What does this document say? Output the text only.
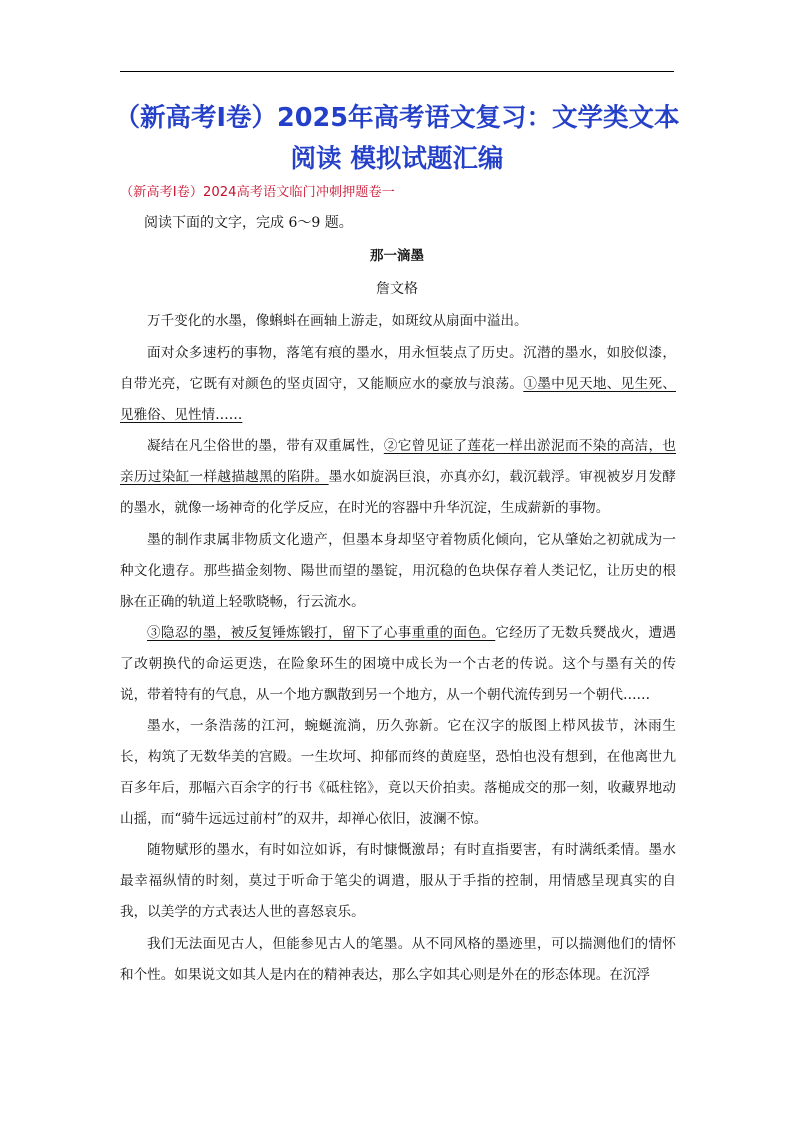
（新高考Ⅰ卷）2025年高考语文复习：文学类文本
阅读 模拟试题汇编
（新高考Ⅰ卷）2024高考语文临门冲刺押题卷一
阅读下面的文字，完成 6～9 题。
那一滴墨
詹文格

万千变化的水墨，像蝌蚪在画轴上游走，如斑纹从扇面中溢出。

面对众多速朽的事物，落笔有痕的墨水，用永恒装点了历史。沉潜的墨水，如胶似漆，自带光亮，它既有对颜色的坚贞固守，又能顺应水的豪放与浪荡。①墨中见天地、见生死、见雅俗、见性情……

凝结在凡尘俗世的墨，带有双重属性，②它曾见证了莲花一样出淤泥而不染的高洁，也亲历过染缸一样越描越黑的陷阱。墨水如旋涡巨浪，亦真亦幻，载沉载浮。审视被岁月发酵的墨水，就像一场神奇的化学反应，在时光的容器中升华沉淀，生成薪新的事物。

墨的制作隶属非物质文化遗产，但墨本身却坚守着物质化倾向，它从肇始之初就成为一种文化遗存。那些描金刻物、陽世而望的墨锭，用沉稳的色块保存着人类记忆，让历史的根脉在正确的轨道上轻歌晓畅，行云流水。

③隐忍的墨，被反复锤炼锻打，留下了心事重重的面色。它经历了无数兵燹战火，遭遇了改朝换代的命运更迭，在险象环生的困境中成长为一个古老的传说。这个与墨有关的传说，带着特有的气息，从一个地方飘散到另一个地方，从一个朝代流传到另一个朝代……

墨水，一条浩荡的江河，蜿蜒流淌，历久弥新。它在汉字的版图上栉风拔节，沐雨生长，构筑了无数华美的宫殿。一生坎坷、抑郁而终的黄庭坚，恐怕也没有想到，在他离世九百多年后，那幅六百余字的行书《砥柱铭》，竟以天价拍卖。落槌成交的那一刻，收藏界地动山摇，而“骑牛远远过前村”的双井，却禅心依旧，波澜不惊。

随物赋形的墨水，有时如泣如诉，有时慷慨激昂；有时直指要害，有时满纸柔情。墨水最幸福纵情的时刻，莫过于听命于笔尖的调遣，服从于手指的控制，用情感呈现真实的自我，以美学的方式表达人世的喜怒哀乐。

我们无法面见古人，但能参见古人的笔墨。从不同风格的墨迹里，可以揣测他们的情怀和个性。如果说文如其人是内在的精神表达，那么字如其心则是外在的形态体现。在沉浮
